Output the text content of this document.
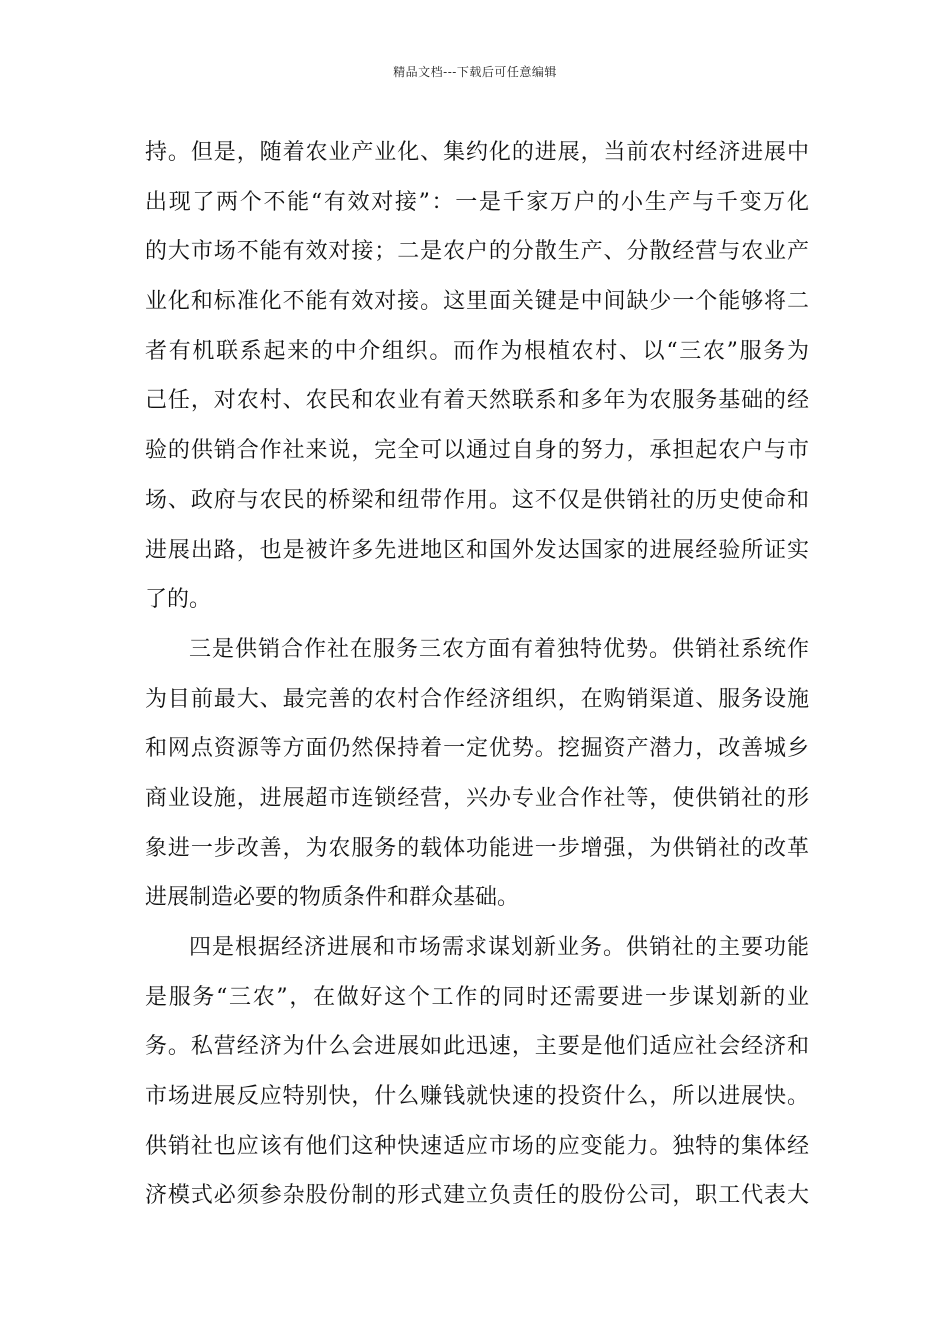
精品文档---下载后可任意编辑
持。但是，随着农业产业化、集约化的进展，当前农村经济进展中
出现了两个不能“有效对接”：一是千家万户的小生产与千变万化
的大市场不能有效对接；二是农户的分散生产、分散经营与农业产
业化和标准化不能有效对接。这里面关键是中间缺少一个能够将二
者有机联系起来的中介组织。而作为根植农村、以“三农”服务为
己任，对农村、农民和农业有着天然联系和多年为农服务基础的经
验的供销合作社来说，完全可以通过自身的努力，承担起农户与市
场、政府与农民的桥梁和纽带作用。这不仅是供销社的历史使命和
进展出路，也是被许多先进地区和国外发达国家的进展经验所证实
了的。
三是供销合作社在服务三农方面有着独特优势。供销社系统作
为目前最大、最完善的农村合作经济组织，在购销渠道、服务设施
和网点资源等方面仍然保持着一定优势。挖掘资产潜力，改善城乡
商业设施，进展超市连锁经营，兴办专业合作社等，使供销社的形
象进一步改善，为农服务的载体功能进一步增强，为供销社的改革
进展制造必要的物质条件和群众基础。
四是根据经济进展和市场需求谋划新业务。供销社的主要功能
是服务“三农”，在做好这个工作的同时还需要进一步谋划新的业
务。私营经济为什么会进展如此迅速，主要是他们适应社会经济和
市场进展反应特别快，什么赚钱就快速的投资什么，所以进展快。
供销社也应该有他们这种快速适应市场的应变能力。独特的集体经
济模式必须参杂股份制的形式建立负责任的股份公司，职工代表大
